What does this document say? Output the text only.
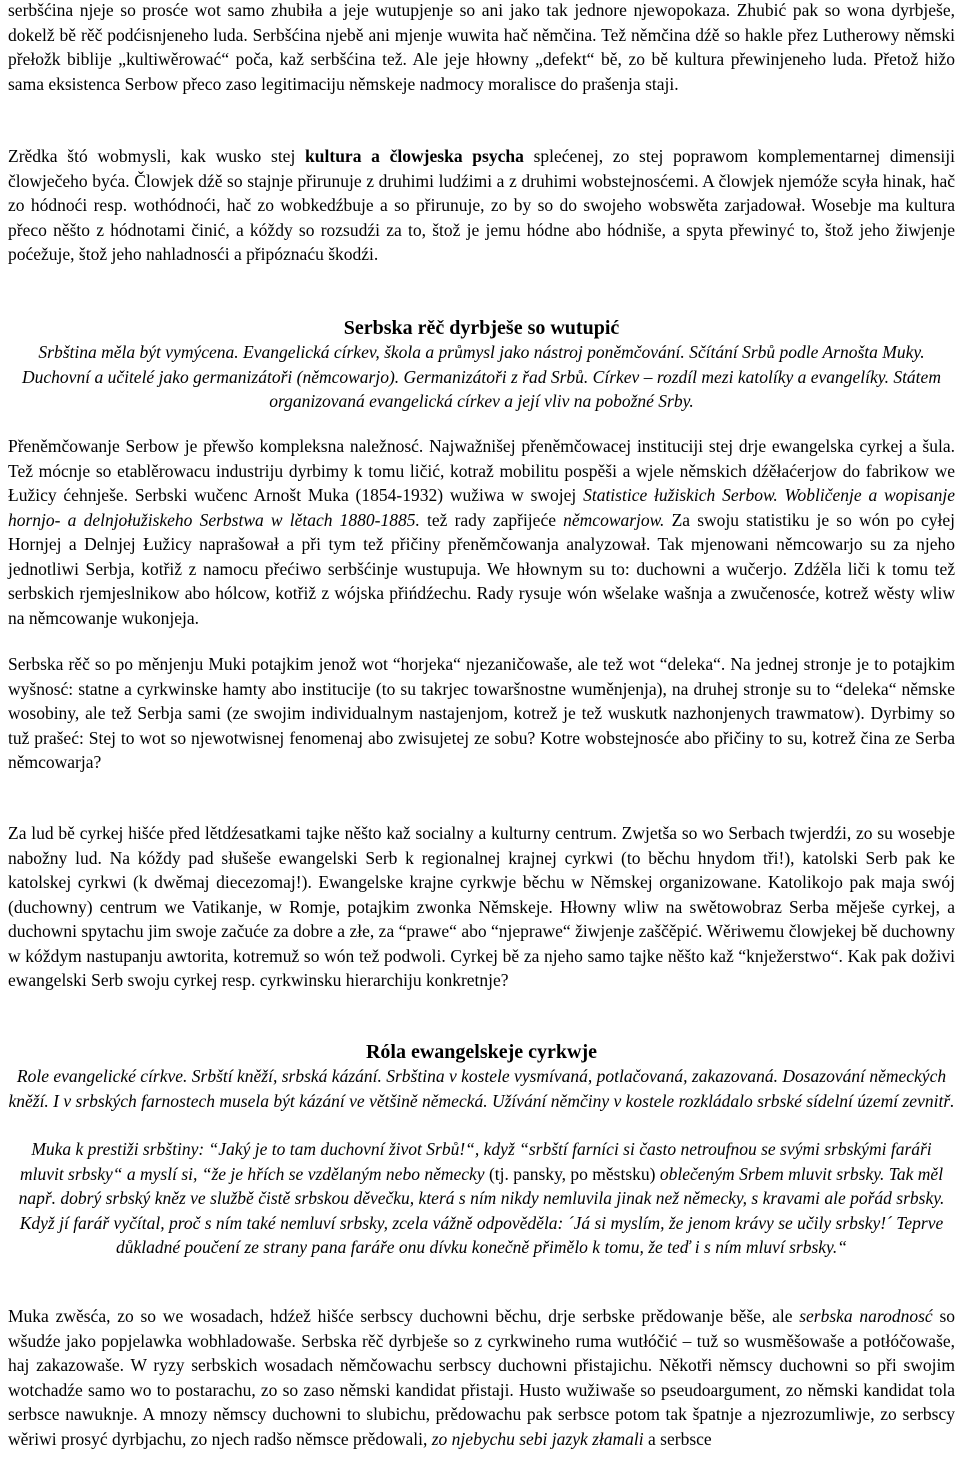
serbšćina njeje so prosće wot samo zhubiła a jeje wutupjenje so ani jako tak jednore njewopokaza. Zhubić pak so wona dyrbješe, dokelž bě rěč podćisnjeneho luda. Serbšćina njebě ani mjenje wuwita hač němčina. Tež němčina dźě so hakle přez Lutherowy němski přełožk biblije „kultiwěrować“ poča, kaž serbšćina tež. Ale jeje hłowny „defekt“ bě, zo bě kultura přewinjeneho luda. Přetož hižo sama eksistenca Serbow přeco zaso legitimaciju němskeje nadmocy moralisce do prašenja staji.

Zrědka štó wobmysli, kak wusko stej kultura a člowjeska psycha splećenej, zo stej poprawom komplementarnej dimensiji člowječeho byća. Člowjek dźě so stajnje přirunuje z druhimi ludźimi a z druhimi wobstejnosćemi. A člowjek njemóže scyła hinak, hač zo hódnoći resp. wothódnoći, hač zo wobkedźbuje a so přirunuje, zo by so do swojeho wobswěta zarjadował. Wosebje ma kultura přeco něšto z hódnotami činić, a kóždy so rozsudźi za to, štož je jemu hódne abo hódniše, a spyta přewinyć to, štož jeho žiwjenje pоćežuje, štož jeho nahladnosći a připóznaću škodźi.

Serbska rěč dyrbješe so wutupić

Srbština měla být vymýcena. Evangelická církev, škola a průmysl jako nástroj poněmčování. Sčítání Srbů podle Arnošta Muky. Duchovní a učitelé jako germanizátoři (němcowarjo). Germanizátoři z řad Srbů. Církev – rozdíl mezi katolíky a evangelíky. Státem organizovaná evangelická církev a její vliv na pobožné Srby.

Přeněmčowanje Serbow je přewšo kompleksna naležnosć. Najwažnišej přeněmčowacej instituciji stej drje ewangelska cyrkej a šula. Tež mócnje so etablěrowacu industriju dyrbimy k tomu ličić, kotraž mobilitu pospěši a wjele němskich dźěłaćerjow do fabrikow we Łužicy ćehnješe. Serbski wučenc Arnošt Muka (1854-1932) wužiwa w swojej Statistice łužiskich Serbow. Wobličenje a wopisanje hornjo- a delnjołužiskeho Serbstwa w lětach 1880-1885. tež rady zapřijeće němcowarjow. Za swoju statistiku je so wón po cyłej Hornjej a Delnjej Łužicy naprašował a při tym tež přičiny přeněmčowanja analyzował. Tak mjenowani němcowarjo su za njeho jednotliwi Serbja, kotřiž z namocu přećiwo serbšćinje wustupuja. We hłownym su to: duchowni a wučerjo. Zdźěla liči k tomu tež serbskich rjemjeslnikow abo hólcow, kotřiž z wójska přińdźechu. Rady rysuje wón wšelake wašnja a zwučenosće, kotrež wěsty wliw na němcowanje wukonjeja.

Serbska rěč so po měnjenju Muki potajkim jenož wot “horjeka“ njezaničowaše, ale tež wot “deleka“. Na jednej stronje je to potajkim wyšnosć: statne a cyrkwinske hamty abo institucije (to su takrjec towaršnostne wuměnjenja), na druhej stronje su to “deleka“ němske wosobiny, ale tež Serbja sami (ze swojim individualnym nastajenjom, kotrež je tež wuskutk nazhonjenych trawmatow). Dyrbimy so tuž prašeć: Stej to wot so njewotwisnej fenomenaj abo zwisujetej ze sobu? Kotre wobstejnosće abo přičiny to su, kotrež čina ze Serba němcowarja?

Za lud bě cyrkej hišće před lětdźesatkami tajke něšto kaž socialny a kulturny centrum. Zwjetša so wo Serbach twjerdźi, zo su wosebje nabožny lud. Na kóždy pad słušeše ewangelski Serb k regionalnej krajnej cyrkwi (to běchu hnydom tři!), katolski Serb pak ke katolskej cyrkwi (k dwěmaj diecezomaj!). Ewangelske krajne cyrkwje běchu w Němskej organizowane. Katolikojo pak maja swój (duchowny) centrum we Vatikanje, w Romje, potajkim zwonka Němskeje. Hłowny wliw na swětowobraz Serba měješe cyrkej, a duchowni spytachu jim swoje začuće za dobre a złe, za “prawe“ abo “njeprawe“ žiwjenje zaščěpić. Wěriwemu člowjekej bě duchowny w kóždym nastupanju awtorita, kotremuž so wón tež podwoli. Cyrkej bě za njeho samo tajke něšto kaž “knježerstwo“. Kak pak doživi ewangelski Serb swoju cyrkej resp. cyrkwinsku hierarchiju konkretnje?

Róla ewangelskeje cyrkwje

Role evangelické církve. Srbští kněží, srbská kázání. Srbština v kostele vysmívaná, potlačovaná, zakazovaná. Dosazování německých kněží. I v srbských farnostech musela být kázání ve většině německá. Užívání němčiny v kostele rozkládalo srbské sídelní území zevnitř.

Muka k prestiži srbštiny: “Jaký je to tam duchovní život Srbů!“, když “srbští farníci si často netroufnou se svými srbskými faráři mluvit srbsky“ a myslí si, “že je hřích se vzdělaným nebo německy (tj. pansky, po městsku) oblečeným Srbem mluvit srbsky. Tak měl např. dobrý srbský kněz ve službě čistě srbskou děvečku, která s ním nikdy nemluvila jinak než německy, s kravami ale pořád srbsky. Když jí farář vyčítal, proč s ním také nemluví srbsky, zcela vážně odpověděla: ´Já si myslím, že jenom krávy se učily srbsky!´ Teprve důkladné poučení ze strany pana faráře onu dívku konečně přimělo k tomu, že teď i s ním mluví srbsky.“

Muka zwěsća, zo so we wosadach, hdźež hišće serbscy duchowni běchu, drje serbske prědowanje běše, ale serbska narodnosć so wšudźe jako popjelawka wobhladowaše. Serbska rěč dyrbješe so z cyrkwineho ruma wutłóčić – tuž so wusměšowaše a potłóčowaše, haj zakazowaše. W ryzy serbskich wosadach němčowachu serbscy duchowni přistajichu. Někotři němscy duchowni so při swojim wotchadźe samo wo to postarachu, zo so zaso němski kandidat přistaji. Husto wužiwaše so pseudoargument, zo němski kandidat tola serbsce nawuknje. A mnozy němscy duchowni to slubichu, prědowachu pak serbsce potom tak špatnje a njezrozumliwje, zo serbscy wěriwi prosyć dyrbjachu, zo njech radšo němsce prědowali, zo njebychu sebi jazyk złamali a serbsce
